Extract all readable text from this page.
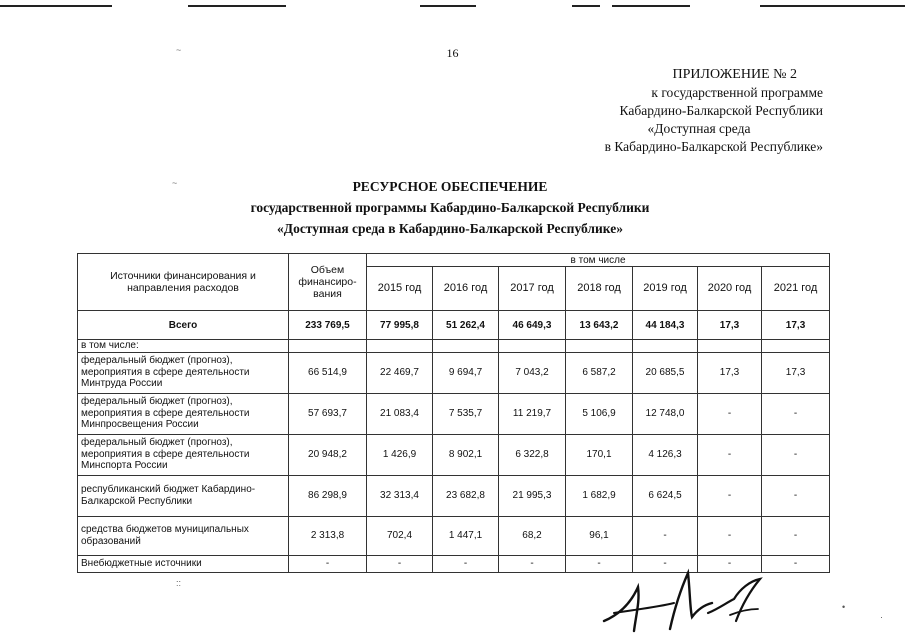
~
~
16
ПРИЛОЖЕНИЕ № 2
к государственной программе
Кабардино-Балкарской Республики
«Доступная среда
в Кабардино-Балкарской Республике»
РЕСУРСНОЕ ОБЕСПЕЧЕНИЕ
государственной программы Кабардино-Балкарской Республики
«Доступная среда в Кабардино-Балкарской Республике»
Источники финансирования и направления расходов	Объем финансиро-вания	в том числе						
		2015 год	2016 год	2017 год	2018 год	2019 год	2020 год	2021 год
Всего	233 769,5	77 995,8	51 262,4	46 649,3	13 643,2	44 184,3	17,3	17,3
в том числе:								
федеральный бюджет (прогноз), мероприятия в сфере деятельности Минтруда России	66 514,9	22 469,7	9 694,7	7 043,2	6 587,2	20 685,5	17,3	17,3
федеральный бюджет (прогноз), мероприятия в сфере деятельности Минпросвещения России	57 693,7	21 083,4	7 535,7	11 219,7	5 106,9	12 748,0	-	-
федеральный бюджет (прогноз), мероприятия в сфере деятельности Минспорта России	20 948,2	1 426,9	8 902,1	6 322,8	170,1	4 126,3	-	-
республиканский бюджет Кабардино-Балкарской Республики	86 298,9	32 313,4	23 682,8	21 995,3	1 682,9	6 624,5	-	-
средства бюджетов муниципальных образований	2 313,8	702,4	1 447,1	68,2	96,1	-	-	-
Внебюджетные источники	-	-	-	-	-	-	-	-
::
•
·
